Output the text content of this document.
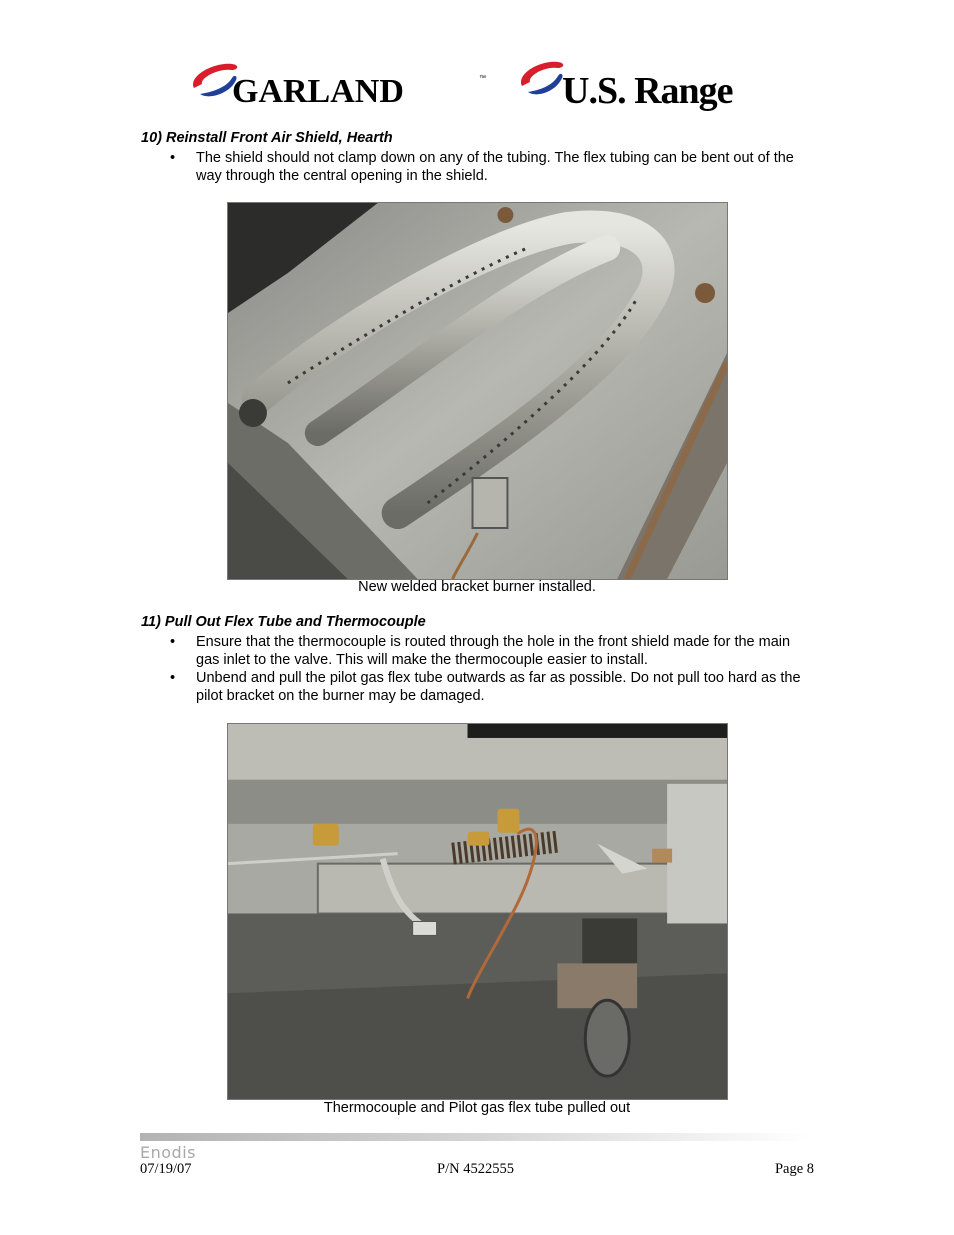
GARLAND	™ U.S. Range

10) Reinstall Front Air Shield, Hearth

• The shield should not clamp down on any of the tubing. The flex tubing can be bent out of the way through the central opening in the shield.

New welded bracket burner installed.

11) Pull Out Flex Tube and Thermocouple

• Ensure that the thermocouple is routed through the hole in the front shield made for the main gas inlet to the valve. This will make the thermocouple easier to install.
• Unbend and pull the pilot gas flex tube outwards as far as possible. Do not pull too hard as the pilot bracket on the burner may be damaged.

Thermocouple and Pilot gas flex tube pulled out

Enodis

07/19/07	P/N 4522555	Page 8
